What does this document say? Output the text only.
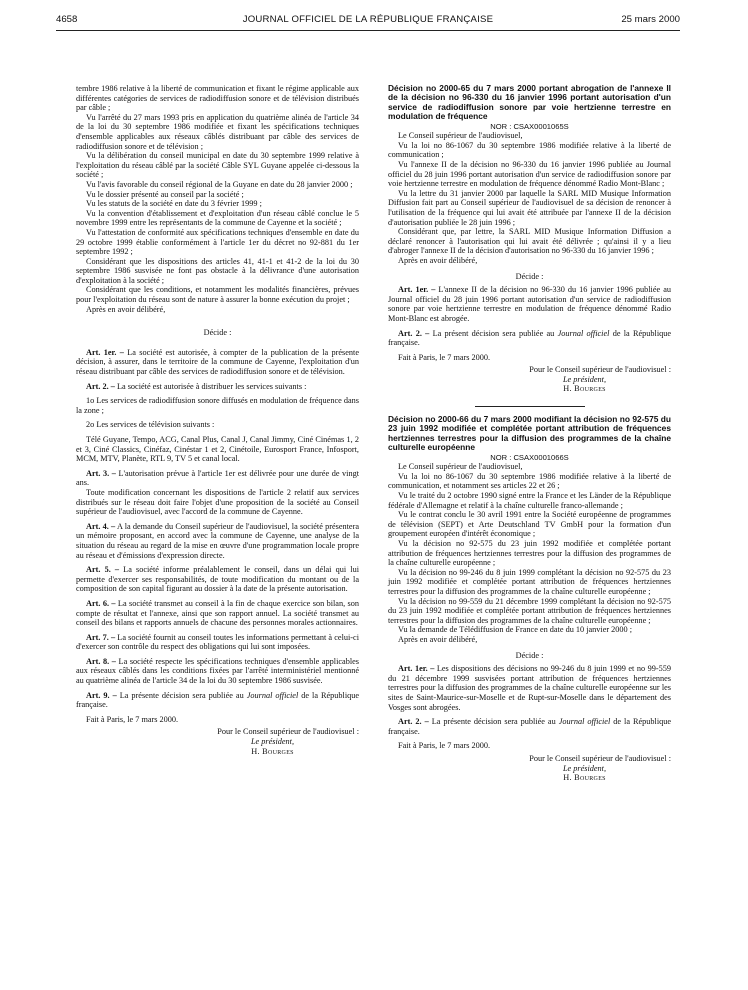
4658	JOURNAL OFFICIEL DE LA RÉPUBLIQUE FRANÇAISE	25 mars 2000

tembre 1986 relative à la liberté de communication et fixant le régime applicable aux différentes catégories de services de radiodiffusion sonore et de télévision distribués par câble ;

Vu l'arrêté du 27 mars 1993 pris en application du quatrième alinéa de l'article 34 de la loi du 30 septembre 1986 modifiée et fixant les spécifications techniques d'ensemble applicables aux réseaux câblés distribuant par câble des services de radiodiffusion sonore et de télévision ;

Vu la délibération du conseil municipal en date du 30 septembre 1999 relative à l'exploitation du réseau câblé par la société Câble SYL Guyane appelée ci-dessous la société ;

Vu l'avis favorable du conseil régional de la Guyane en date du 28 janvier 2000 ;

Vu le dossier présenté au conseil par la société ;

Vu les statuts de la société en date du 3 février 1999 ;

Vu la convention d'établissement et d'exploitation d'un réseau câblé conclue le 5 novembre 1999 entre les représentants de la commune de Cayenne et la société ;

Vu l'attestation de conformité aux spécifications techniques d'ensemble en date du 29 octobre 1999 établie conformément à l'article 1er du décret no 92-881 du 1er septembre 1992 ;

Considérant que les dispositions des articles 41, 41-1 et 41-2 de la loi du 30 septembre 1986 susvisée ne font pas obstacle à la délivrance d'une autorisation d'exploitation à la société ;

Considérant que les conditions, et notamment les modalités financières, prévues pour l'exploitation du réseau sont de nature à assurer la bonne exécution du projet ;

Après en avoir délibéré,

Décide :

Art. 1er. – La société est autorisée, à compter de la publication de la présente décision, à assurer, dans le territoire de la commune de Cayenne, l'exploitation d'un réseau distribuant par câble des services de radiodiffusion sonore et de télévision.

Art. 2. – La société est autorisée à distribuer les services suivants :

1o Les services de radiodiffusion sonore diffusés en modulation de fréquence dans la zone ;

2o Les services de télévision suivants :

Télé Guyane, Tempo, ACG, Canal Plus, Canal J, Canal Jimmy, Ciné Cinémas 1, 2 et 3, Ciné Classics, Cinéfaz, Cinéstar 1 et 2, Cinétoile, Eurosport France, Infosport, MCM, MTV, Planète, RTL 9, TV 5 et canal local.

Art. 3. – L'autorisation prévue à l'article 1er est délivrée pour une durée de vingt ans.

Toute modification concernant les dispositions de l'article 2 relatif aux services distribués sur le réseau doit faire l'objet d'une proposition de la société au Conseil supérieur de l'audiovisuel, avec l'accord de la commune de Cayenne.

Art. 4. – A la demande du Conseil supérieur de l'audiovisuel, la société présentera un mémoire proposant, en accord avec la commune de Cayenne, une analyse de la situation du réseau au regard de la mise en œuvre d'une programmation locale propre au réseau et d'émissions d'expression directe.

Art. 5. – La société informe préalablement le conseil, dans un délai qui lui permette d'exercer ses responsabilités, de toute modification du montant ou de la composition de son capital figurant au dossier à la date de la présente autorisation.

Art. 6. – La société transmet au conseil à la fin de chaque exercice son bilan, son compte de résultat et l'annexe, ainsi que son rapport annuel. La société transmet au conseil des bilans et rapports annuels de chacune des personnes morales actionnaires.

Art. 7. – La société fournit au conseil toutes les informations permettant à celui-ci d'exercer son contrôle du respect des obligations qui lui sont imposées.

Art. 8. – La société respecte les spécifications techniques d'ensemble applicables aux réseaux câblés dans les conditions fixées par l'arrêté interministériel mentionné au quatrième alinéa de l'article 34 de la loi du 30 septembre 1986 susvisée.

Art. 9. – La présente décision sera publiée au Journal officiel de la République française.

Fait à Paris, le 7 mars 2000.

Pour le Conseil supérieur de l'audiovisuel :

Le président,

H. Bourges

Décision no 2000-65 du 7 mars 2000 portant abrogation de l'annexe II de la décision no 96-330 du 16 janvier 1996 portant autorisation d'un service de radiodiffusion sonore par voie hertzienne terrestre en modulation de fréquence

NOR : CSAX0001065S

Le Conseil supérieur de l'audiovisuel,

Vu la loi no 86-1067 du 30 septembre 1986 modifiée relative à la liberté de communication ;

Vu l'annexe II de la décision no 96-330 du 16 janvier 1996 publiée au Journal officiel du 28 juin 1996 portant autorisation d'un service de radiodiffusion sonore par voie hertzienne terrestre en modulation de fréquence dénommé Radio Mont-Blanc ;

Vu la lettre du 31 janvier 2000 par laquelle la SARL MID Musique Information Diffusion fait part au Conseil supérieur de l'audiovisuel de sa décision de renoncer à l'utilisation de la fréquence qui lui avait été attribuée par l'annexe II de la décision d'autorisation publiée le 28 juin 1996 ;

Considérant que, par lettre, la SARL MID Musique Information Diffusion a déclaré renoncer à l'autorisation qui lui avait été délivrée ; qu'ainsi il y a lieu d'abroger l'annexe II de la décision d'autorisation no 96-330 du 16 janvier 1996 ;

Après en avoir délibéré,

Décide :

Art. 1er. – L'annexe II de la décision no 96-330 du 16 janvier 1996 publiée au Journal officiel du 28 juin 1996 portant autorisation d'un service de radiodiffusion sonore par voie hertzienne terrestre en modulation de fréquence dénommé Radio Mont-Blanc est abrogée.

Art. 2. – La présent décision sera publiée au Journal officiel de la République française.

Fait à Paris, le 7 mars 2000.

Pour le Conseil supérieur de l'audiovisuel :

Le président,

H. Bourges

Décision no 2000-66 du 7 mars 2000 modifiant la décision no 92-575 du 23 juin 1992 modifiée et complétée portant attribution de fréquences hertziennes terrestres pour la diffusion des programmes de la chaîne culturelle européenne

NOR : CSAX0001066S

Le Conseil supérieur de l'audiovisuel,

Vu la loi no 86-1067 du 30 septembre 1986 modifiée relative à la liberté de communication, et notamment ses articles 22 et 26 ;

Vu le traité du 2 octobre 1990 signé entre la France et les Länder de la République fédérale d'Allemagne et relatif à la chaîne culturelle franco-allemande ;

Vu le contrat conclu le 30 avril 1991 entre la Société européenne de programmes de télévision (SEPT) et Arte Deutschland TV GmbH pour la formation d'un groupement européen d'intérêt économique ;

Vu la décision no 92-575 du 23 juin 1992 modifiée et complétée portant attribution de fréquences hertziennes terrestres pour la diffusion des programmes de la chaîne culturelle européenne ;

Vu la décision no 99-246 du 8 juin 1999 complétant la décision no 92-575 du 23 juin 1992 modifiée et complétée portant attribution de fréquences hertziennes terrestres pour la diffusion des programmes de la chaîne culturelle européenne ;

Vu la décision no 99-559 du 21 décembre 1999 complétant la décision no 92-575 du 23 juin 1992 modifiée et complétée portant attribution de fréquences hertziennes terrestres pour la diffusion des programmes de la chaîne culturelle européenne ;

Vu la demande de Télédiffusion de France en date du 10 janvier 2000 ;

Après en avoir délibéré,

Décide :

Art. 1er. – Les dispositions des décisions no 99-246 du 8 juin 1999 et no 99-559 du 21 décembre 1999 susvisées portant attribution de fréquences hertziennes terrestres pour la diffusion des programmes de la chaîne culturelle européenne sur les sites de Saint-Maurice-sur-Moselle et de Rupt-sur-Moselle dans le département des Vosges sont abrogées.

Art. 2. – La présente décision sera publiée au Journal officiel de la République française.

Fait à Paris, le 7 mars 2000.

Pour le Conseil supérieur de l'audiovisuel :

Le président,

H. Bourges
